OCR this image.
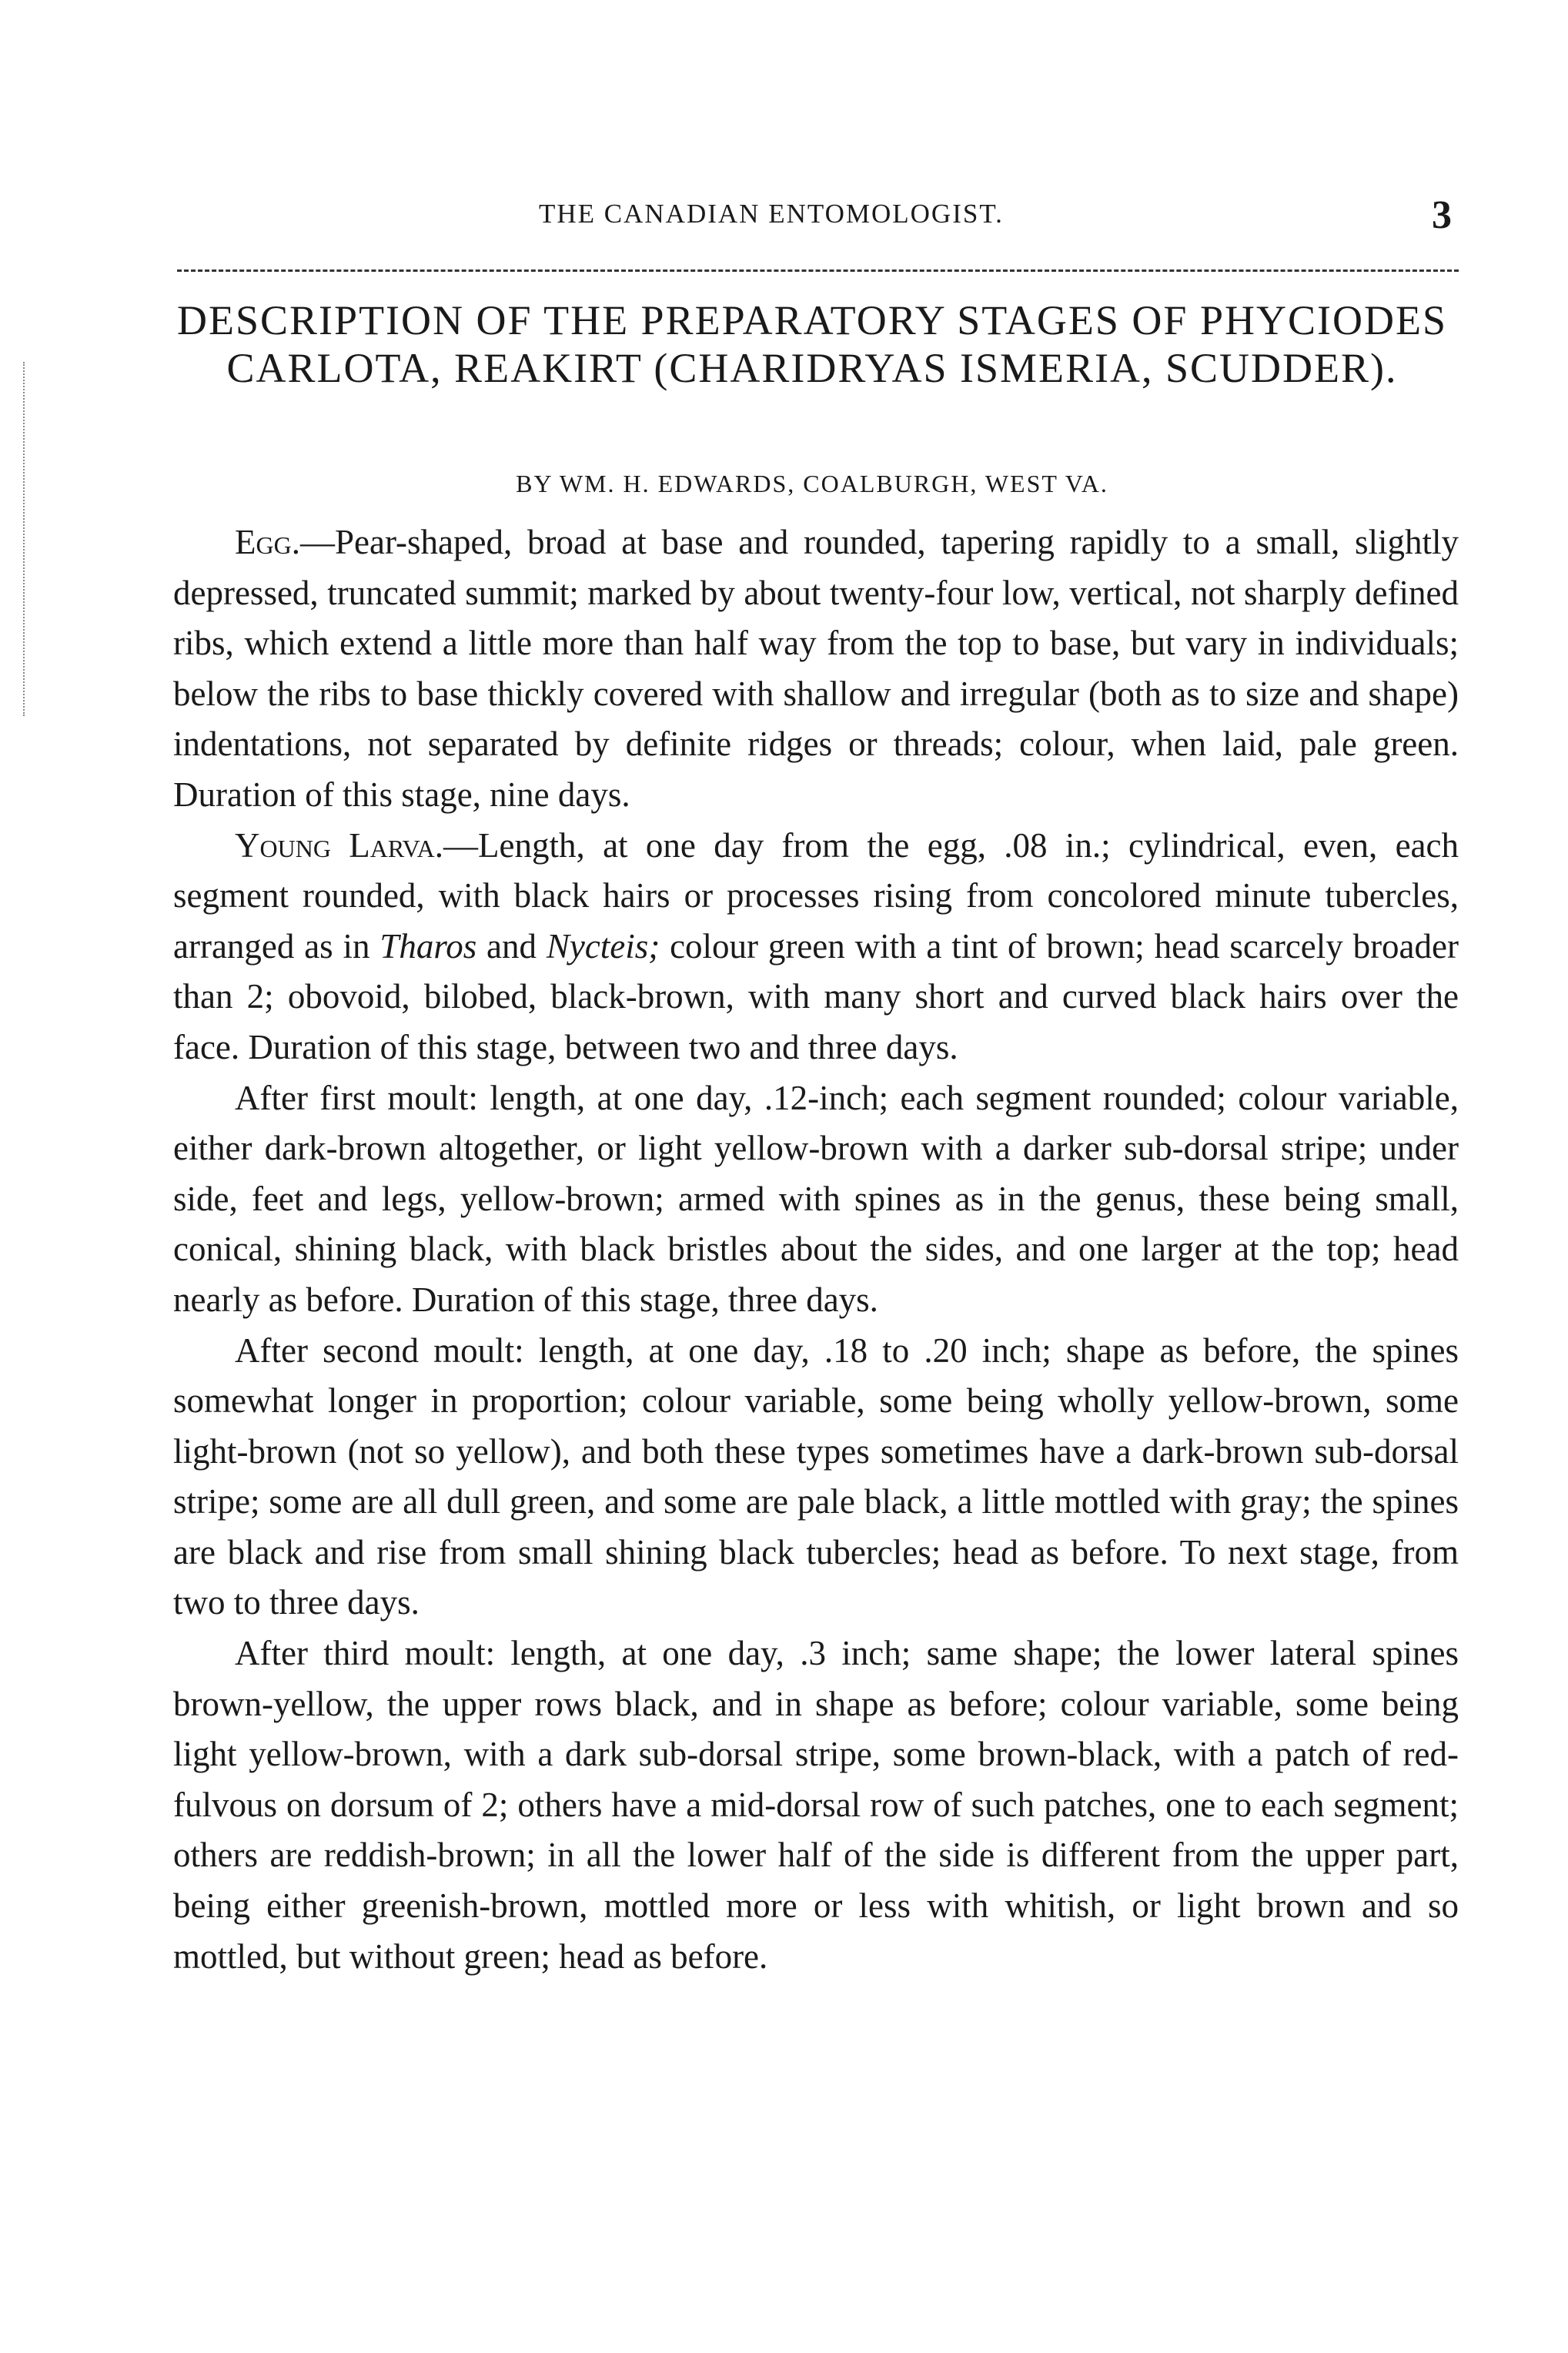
THE CANADIAN ENTOMOLOGIST.	3
DESCRIPTION OF THE PREPARATORY STAGES OF PHYCIODES CARLOTA, REAKIRT (CHARIDRYAS ISMERIA, SCUDDER).
BY WM. H. EDWARDS, COALBURGH, WEST VA.

Egg.—Pear-shaped, broad at base and rounded, tapering rapidly to a small, slightly depressed, truncated summit; marked by about twenty-four low, vertical, not sharply defined ribs, which extend a little more than half way from the top to base, but vary in individuals; below the ribs to base thickly covered with shallow and irregular (both as to size and shape) indentations, not separated by definite ridges or threads; colour, when laid, pale green. Duration of this stage, nine days.

Young Larva.—Length, at one day from the egg, .08 in.; cylindrical, even, each segment rounded, with black hairs or processes rising from concolored minute tubercles, arranged as in Tharos and Nycteis; colour green with a tint of brown; head scarcely broader than 2; obovoid, bilobed, black-brown, with many short and curved black hairs over the face. Duration of this stage, between two and three days.

After first moult: length, at one day, .12-inch; each segment rounded; colour variable, either dark-brown altogether, or light yellow-brown with a darker sub-dorsal stripe; under side, feet and legs, yellow-brown; armed with spines as in the genus, these being small, conical, shining black, with black bristles about the sides, and one larger at the top; head nearly as before. Duration of this stage, three days.

After second moult: length, at one day, .18 to .20 inch; shape as before, the spines somewhat longer in proportion; colour variable, some being wholly yellow-brown, some light-brown (not so yellow), and both these types sometimes have a dark-brown sub-dorsal stripe; some are all dull green, and some are pale black, a little mottled with gray; the spines are black and rise from small shining black tubercles; head as before. To next stage, from two to three days.

After third moult: length, at one day, .3 inch; same shape; the lower lateral spines brown-yellow, the upper rows black, and in shape as before; colour variable, some being light yellow-brown, with a dark sub-dorsal stripe, some brown-black, with a patch of red-fulvous on dorsum of 2; others have a mid-dorsal row of such patches, one to each segment; others are reddish-brown; in all the lower half of the side is different from the upper part, being either greenish-brown, mottled more or less with whitish, or light brown and so mottled, but without green; head as before.
